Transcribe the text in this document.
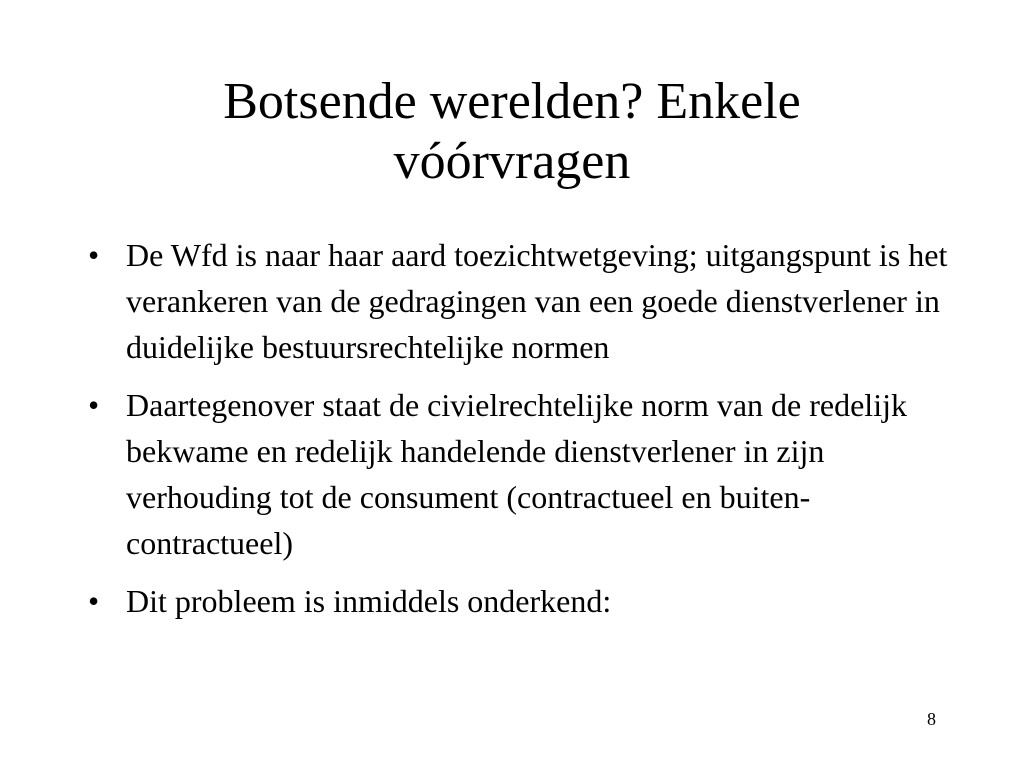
Botsende werelden? Enkele vóórvragen
• De Wfd is naar haar aard toezichtwetgeving; uitgangspunt is het verankeren van de gedragingen van een goede dienstverlener in duidelijke bestuursrechtelijke normen
• Daartegenover staat de civielrechtelijke norm van de redelijk bekwame en redelijk handelende dienstverlener in zijn verhouding tot de consument (contractueel en buiten-contractueel)
• Dit probleem is inmiddels onderkend:
8
